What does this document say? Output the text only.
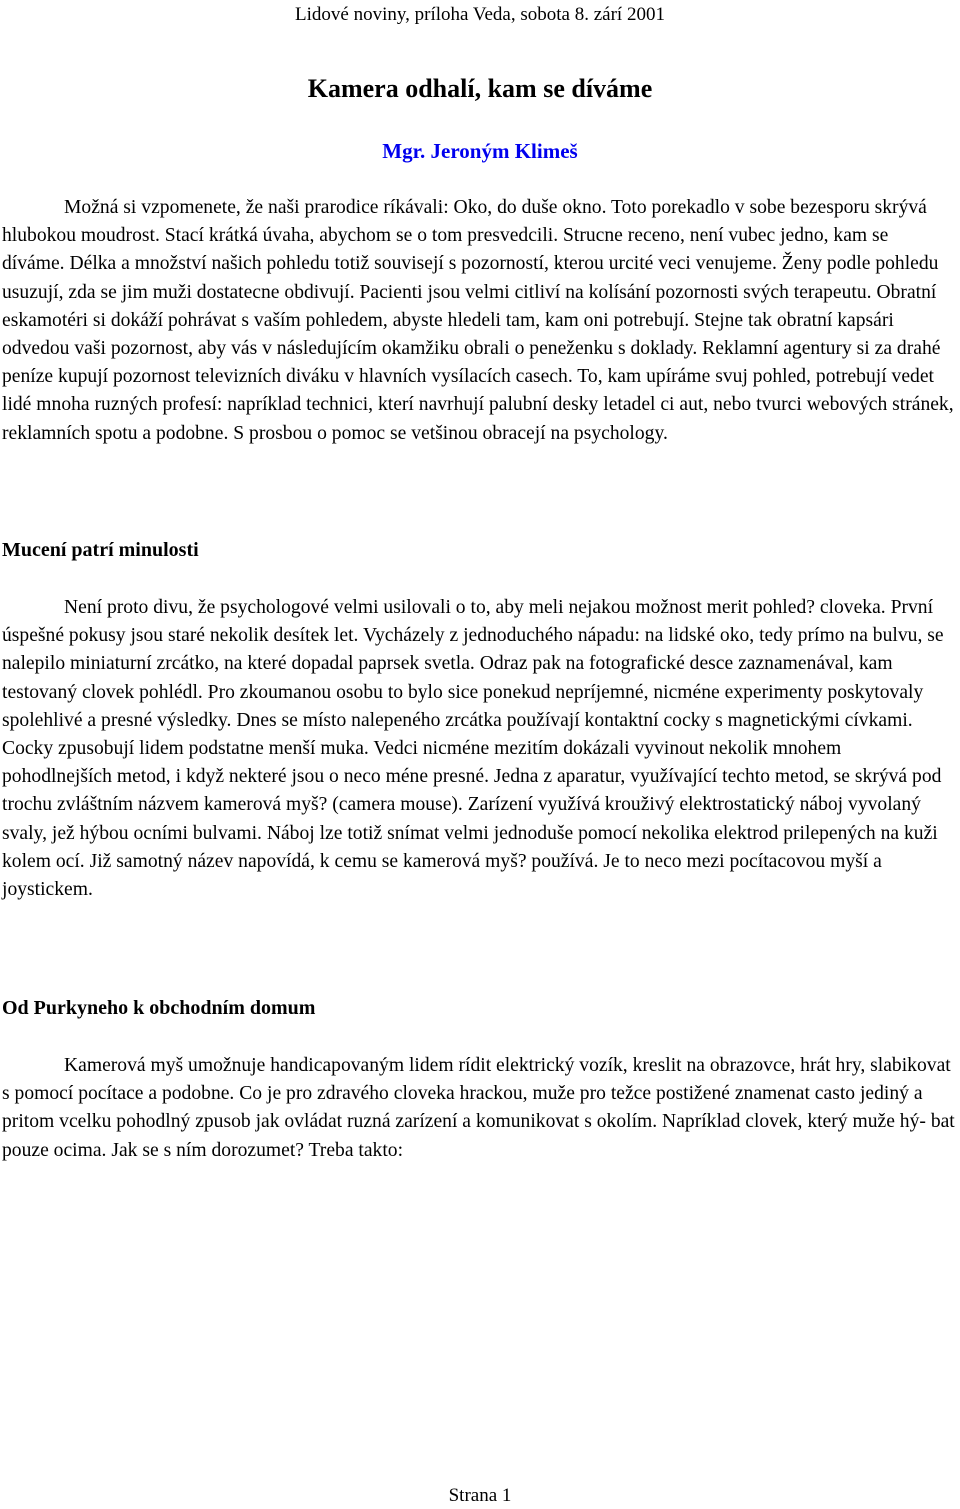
Lidové noviny, príloha Veda, sobota 8. zárí 2001
Kamera odhalí, kam se díváme
Mgr. Jeroným Klimeš

Možná si vzpomenete, že naši prarodice ríkávali: Oko, do duše okno. Toto porekadlo v sobe bezesporu skrývá hlubokou moudrost. Stací krátká úvaha, abychom se o tom presvedcili. Strucne receno, není vubec jedno, kam se díváme. Délka a množství našich pohledu totiž souvisejí s pozorností, kterou urcité veci venujeme. Ženy podle pohledu usuzují, zda se jim muži dostatecne obdivují. Pacienti jsou velmi citliví na kolísání pozornosti svých terapeutu. Obratní eskamotéri si dokáží pohrávat s vaším pohledem, abyste hledeli tam, kam oni potrebují. Stejne tak obratní kapsári odvedou vaši pozornost, aby vás v následujícím okamžiku obrali o peneženku s doklady. Reklamní agentury si za drahé peníze kupují pozornost televizních diváku v hlavních vysílacích casech. To, kam upíráme svuj pohled, potrebují vedet lidé mnoha ruzných profesí: napríklad technici, kterí navrhují palubní desky letadel ci aut, nebo tvurci webových stránek, reklamních spotu a podobne. S prosbou o pomoc se vetšinou obracejí na psychology.

Mucení patrí minulosti

Není proto divu, že psychologové velmi usilovali o to, aby meli nejakou možnost merit pohled? cloveka. První úspešné pokusy jsou staré nekolik desítek let. Vycházely z jednoduchého nápadu: na lidské oko, tedy prímo na bulvu, se nalepilo miniaturní zrcátko, na které dopadal paprsek svetla. Odraz pak na fotografické desce zaznamenával, kam testovaný clovek pohlédl. Pro zkoumanou osobu to bylo sice ponekud nepríjemné, nicméne experimenty poskytovaly spolehlivé a presné výsledky. Dnes se místo nalepeného zrcátka používají kontaktní cocky s magnetickými cívkami. Cocky zpusobují lidem podstatne menší muka. Vedci nicméne mezitím dokázali vyvinout nekolik mnohem pohodlnejších metod, i když nekteré jsou o neco méne presné. Jedna z aparatur, využívající techto metod, se skrývá pod trochu zvláštním názvem kamerová myš? (camera mouse). Zarízení využívá krouživý elektrostatický náboj vyvolaný svaly, jež hýbou ocními bulvami. Náboj lze totiž snímat velmi jednoduše pomocí nekolika elektrod prilepených na kuži kolem ocí. Již samotný název napovídá, k cemu se kamerová myš? používá. Je to neco mezi pocítacovou myší a joystickem.

Od Purkyneho k obchodním domum

Kamerová myš umožnuje handicapovaným lidem rídit elektrický vozík, kreslit na obrazovce, hrát hry, slabikovat s pomocí pocítace a podobne. Co je pro zdravého cloveka hrackou, muže pro težce postižené znamenat casto jediný a pritom vcelku pohodlný zpusob jak ovládat ruzná zarízení a komunikovat s okolím. Napríklad clovek, který muže hý- bat pouze ocima. Jak se s ním dorozumet? Treba takto:

Strana 1
